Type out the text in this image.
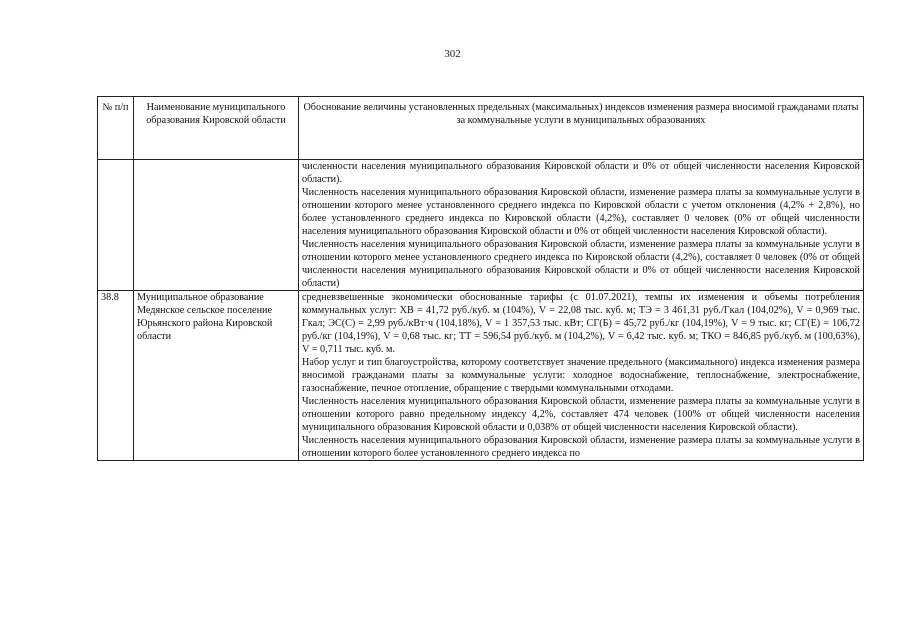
302
№ п/п	Наименование муниципального образования Кировской области	Обоснование величины установленных предельных (максимальных) индексов изменения размера вносимой гражданами платы за коммунальные услуги в муниципальных образованиях

		численности населения муниципального образования Кировской области и 0% от общей численности населения Кировской области).

Численность населения муниципального образования Кировской области, изменение размера платы за коммунальные услуги в отношении которого менее установленного среднего индекса по Кировской области с учетом отклонения (4,2% + 2,8%), но более установленного среднего индекса по Кировской области (4,2%), составляет 0 человек (0% от общей численности населения муниципального образования Кировской области и 0% от общей численности населения Кировской области).

Численность населения муниципального образования Кировской области, изменение размера платы за коммунальные услуги в отношении которого менее установленного среднего индекса по Кировской области (4,2%), составляет 0 человек (0% от общей численности населения муниципального образования Кировской области и 0% от общей численности населения Кировской области)

38.8	Муниципальное образование Медянское сельское поселение Юрьянского района Кировской области	средневзвешенные экономически обоснованные тарифы (с 01.07.2021), темпы их изменения и объемы потребления коммунальных услуг: ХВ = 41,72 руб./куб. м (104%), V = 22,08 тыс. куб. м; ТЭ = 3 461,31 руб./Гкал (104,02%), V = 0,969 тыс. Гкал; ЭС(С) = 2,99 руб./кВт·ч (104,18%), V = 1 357,53 тыс. кВт; СГ(Б) = 45,72 руб./кг (104,19%), V = 9 тыс. кг; СГ(Е) = 106,72 руб./кг (104,19%), V = 0,68 тыс. кг; ТТ = 596,54 руб./куб. м (104,2%), V = 6,42 тыс. куб. м; ТКО = 846,85 руб./куб. м (100,63%), V = 0,711 тыс. куб. м.

Набор услуг и тип благоустройства, которому соответствует значение предельного (максимального) индекса изменения размера вносимой гражданами платы за коммунальные услуги: холодное водоснабжение, теплоснабжение, электроснабжение, газоснабжение, печное отопление, обращение с твердыми коммунальными отходами.

Численность населения муниципального образования Кировской области, изменение размера платы за коммунальные услуги в отношении которого равно предельному индексу 4,2%, составляет 474 человек (100% от общей численности населения муниципального образования Кировской области и 0,038% от общей численности населения Кировской области).

Численность населения муниципального образования Кировской области, изменение размера платы за коммунальные услуги в отношении которого более установленного среднего индекса по
